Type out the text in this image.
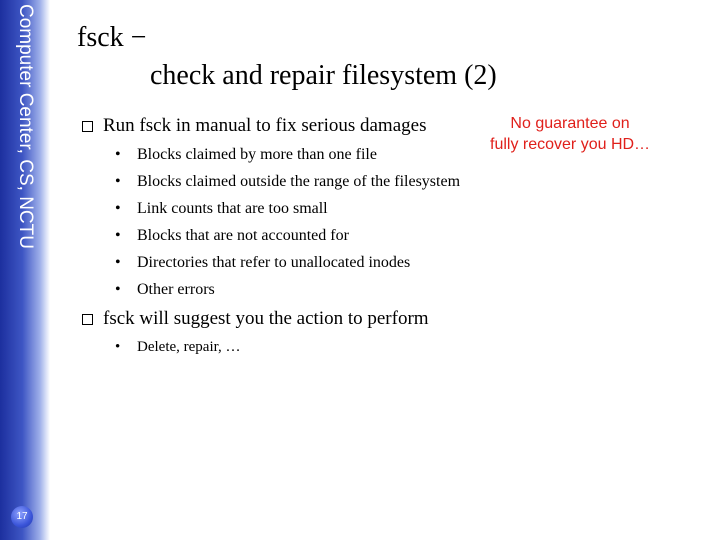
Computer Center, CS, NCTU
17
fsck −
check and repair filesystem (2)
Run fsck in manual to fix serious damages
• Blocks claimed by more than one file
• Blocks claimed outside the range of the filesystem
• Link counts that are too small
• Blocks that are not accounted for
• Directories that refer to unallocated inodes
• Other errors
fsck will suggest you the action to perform
• Delete, repair, …
No guarantee on
fully recover you HD…
